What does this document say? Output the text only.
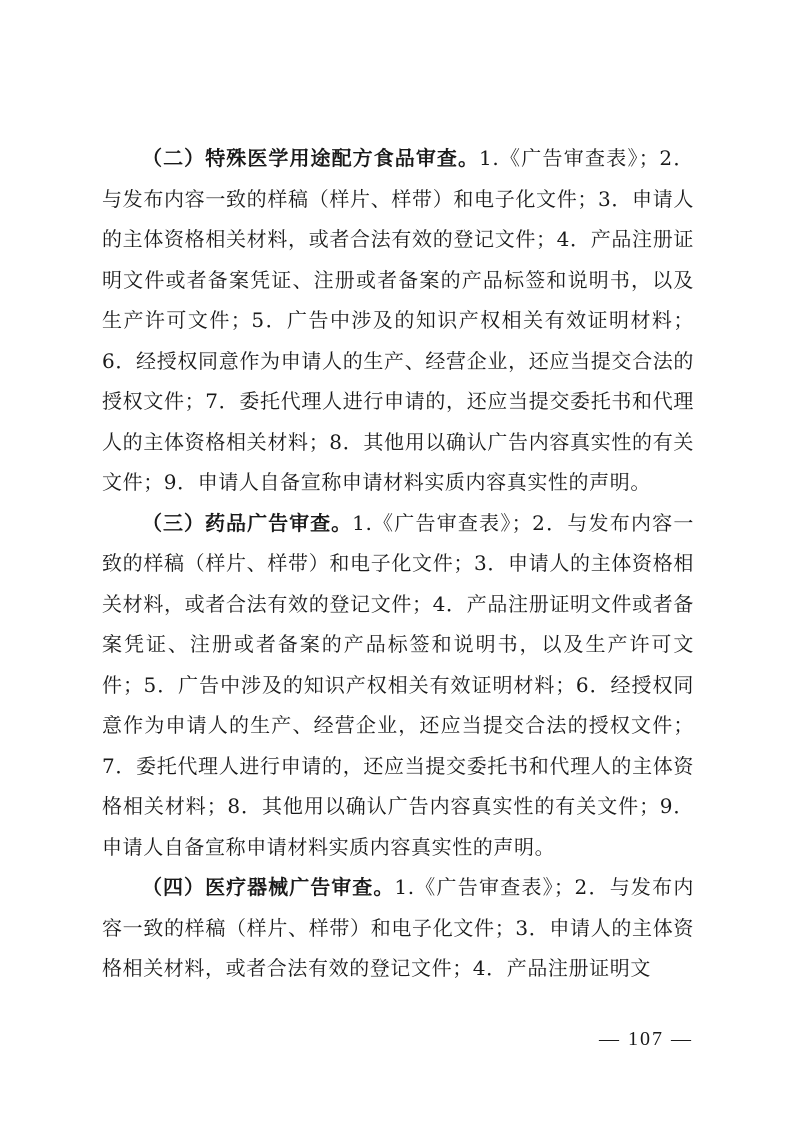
（二）特殊医学用途配方食品审查。1.《广告审查表》；2．与发布内容一致的样稿（样片、样带）和电子化文件；3．申请人的主体资格相关材料，或者合法有效的登记文件；4．产品注册证明文件或者备案凭证、注册或者备案的产品标签和说明书，以及生产许可文件；5．广告中涉及的知识产权相关有效证明材料；6．经授权同意作为申请人的生产、经营企业，还应当提交合法的授权文件；7．委托代理人进行申请的，还应当提交委托书和代理人的主体资格相关材料；8．其他用以确认广告内容真实性的有关文件；9．申请人自备宣称申请材料实质内容真实性的声明。

（三）药品广告审查。1.《广告审查表》；2．与发布内容一致的样稿（样片、样带）和电子化文件；3．申请人的主体资格相关材料，或者合法有效的登记文件；4．产品注册证明文件或者备案凭证、注册或者备案的产品标签和说明书，以及生产许可文件；5．广告中涉及的知识产权相关有效证明材料；6．经授权同意作为申请人的生产、经营企业，还应当提交合法的授权文件；7．委托代理人进行申请的，还应当提交委托书和代理人的主体资格相关材料；8．其他用以确认广告内容真实性的有关文件；9．申请人自备宣称申请材料实质内容真实性的声明。

（四）医疗器械广告审查。1.《广告审查表》；2．与发布内容一致的样稿（样片、样带）和电子化文件；3．申请人的主体资格相关材料，或者合法有效的登记文件；4．产品注册证明文

— 107 —
